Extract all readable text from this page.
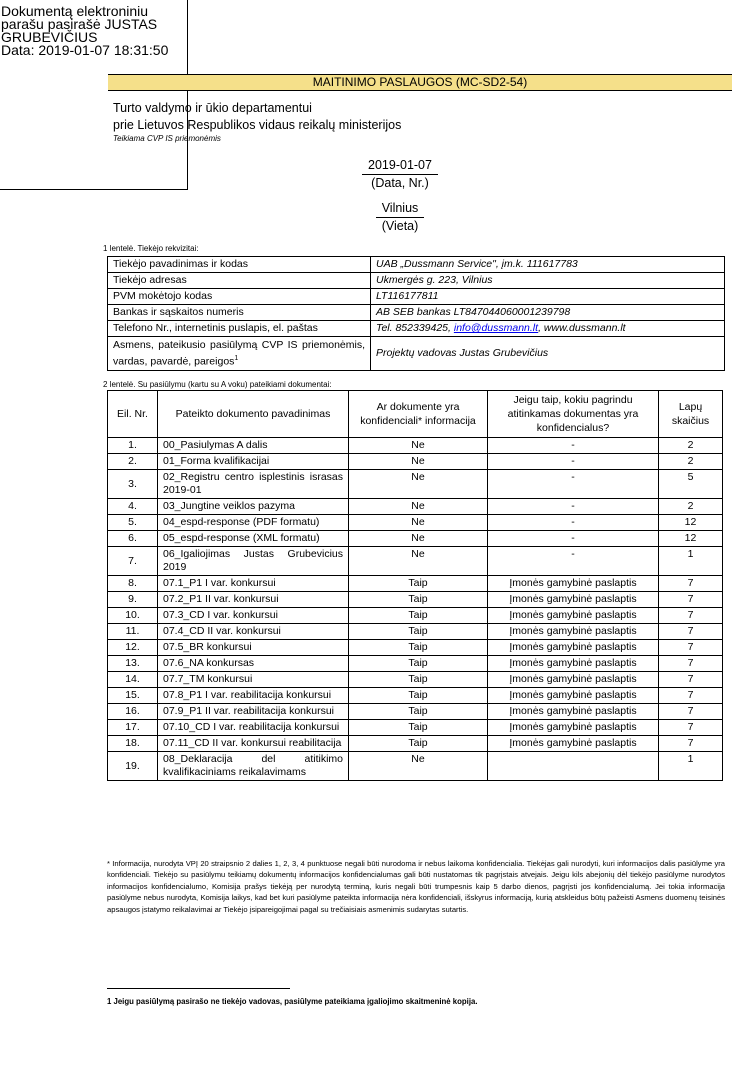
Dokumentą elektroniniu
parašu pasirašė JUSTAS
GRUBEVIČIUS
Data: 2019-01-07 18:31:50
MAITINIMO PASLAUGOS (MC-SD2-54)
Turto valdymo ir ūkio departamentui
prie Lietuvos Respublikos vidaus reikalų ministerijos
Teikiama CVP IS priemonėmis
2019-01-07
(Data, Nr.)
Vilnius
(Vieta)
1 lentelė. Tiekėjo rekvizitai:
Tiekėjo pavadinimas ir kodas	UAB „Dussmann Service", įm.k. 111617783
Tiekėjo adresas	Ukmergės g. 223, Vilnius
PVM mokėtojo kodas	LT116177811
Bankas ir sąskaitos numeris	AB SEB bankas LT847044060001239798
Telefono Nr., internetinis puslapis, el. paštas	Tel. 852339425, info@dussmann.lt, www.dussmann.lt
Asmens, pateikusio pasiūlymą CVP IS priemonėmis, vardas, pavardė, pareigos$^1$	Projektų vadovas Justas Grubevičius
2 lentelė. Su pasiūlymu (kartu su A voku) pateikiami dokumentai:
Eil. Nr.	Pateikto dokumento pavadinimas	Ar dokumente yra konfidenciali* informacija	Jeigu taip, kokiu pagrindu atitinkamas dokumentas yra konfidencialus?	Lapų skaičius
1.	00_Pasiulymas A dalis	Ne	-	2
2.	01_Forma kvalifikacijai	Ne	-	2
3.	02_Registru centro isplestinis israsas 2019-01	Ne	-	5
4.	03_Jungtine veiklos pazyma	Ne	-	2
5.	04_espd-response (PDF formatu)	Ne	-	12
6.	05_espd-response (XML formatu)	Ne	-	12
7.	06_Igaliojimas Justas Grubevicius 2019	Ne	-	1
8.	07.1_P1 I var. konkursui	Taip	Įmonės gamybinė paslaptis	7
9.	07.2_P1 II var. konkursui	Taip	Įmonės gamybinė paslaptis	7
10.	07.3_CD I var. konkursui	Taip	Įmonės gamybinė paslaptis	7
11.	07.4_CD II var. konkursui	Taip	Įmonės gamybinė paslaptis	7
12.	07.5_BR konkursui	Taip	Įmonės gamybinė paslaptis	7
13.	07.6_NA konkursas	Taip	Įmonės gamybinė paslaptis	7
14.	07.7_TM konkursui	Taip	Įmonės gamybinė paslaptis	7
15.	07.8_P1 I var. reabilitacija konkursui	Taip	Įmonės gamybinė paslaptis	7
16.	07.9_P1 II var. reabilitacija konkursui	Taip	Įmonės gamybinė paslaptis	7
17.	07.10_CD I var. reabilitacija konkursui	Taip	Įmonės gamybinė paslaptis	7
18.	07.11_CD II var. konkursui reabilitacija	Taip	Įmonės gamybinė paslaptis	7
19.	08_Deklaracija del atitikimo kvalifikaciniams reikalavimams	Ne		1
* Informacija, nurodyta VPĮ 20 straipsnio 2 dalies 1, 2, 3, 4 punktuose negali būti nurodoma ir nebus laikoma konfidencialia. Tiekėjas gali nurodyti, kuri informacijos dalis pasiūlyme yra konfidenciali. Tiekėjo su pasiūlymu teikiamų dokumentų informacijos konfidencialumas gali būti nustatomas tik pagrįstais atvejais. Jeigu kils abejonių dėl tiekėjo pasiūlyme nurodytos informacijos konfidencialumo, Komisija prašys tiekėją per nurodytą terminą, kuris negali būti trumpesnis kaip 5 darbo dienos, pagrįsti jos konfidencialumą. Jei tokia informacija pasiūlyme nebus nurodyta, Komisija laikys, kad bet kuri pasiūlyme pateikta informacija nėra konfidenciali, išskyrus informaciją, kurią atskleidus būtų pažeisti Asmens duomenų teisinės apsaugos įstatymo reikalavimai ar Tiekėjo įsipareigojimai pagal su trečiaisiais asmenimis sudarytas sutartis.
1 Jeigu pasiūlymą pasirašo ne tiekėjo vadovas, pasiūlyme pateikiama įgaliojimo skaitmeninė kopija.
